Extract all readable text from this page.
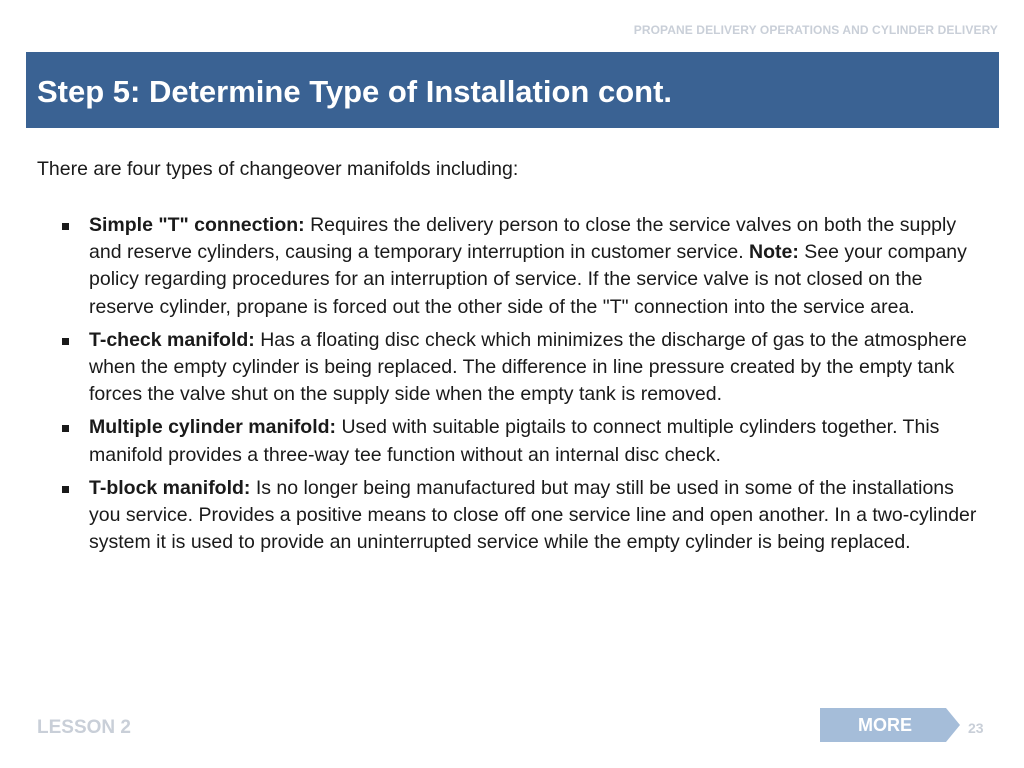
PROPANE DELIVERY OPERATIONS AND CYLINDER DELIVERY
Step 5: Determine Type of Installation cont.

There are four types of changeover manifolds including:

Simple "T" connection: Requires the delivery person to close the service valves on both the supply and reserve cylinders, causing a temporary interruption in customer service. Note: See your company policy regarding procedures for an interruption of service. If the service valve is not closed on the reserve cylinder, propane is forced out the other side of the "T" connection into the service area.
T-check manifold: Has a floating disc check which minimizes the discharge of gas to the atmosphere when the empty cylinder is being replaced. The difference in line pressure created by the empty tank forces the valve shut on the supply side when the empty tank is removed.
Multiple cylinder manifold: Used with suitable pigtails to connect multiple cylinders together. This manifold provides a three-way tee function without an internal disc check.
T-block manifold: Is no longer being manufactured but may still be used in some of the installations you service. Provides a positive means to close off one service line and open another. In a two-cylinder system it is used to provide an uninterrupted service while the empty cylinder is being replaced.
LESSON 2	MORE	23
